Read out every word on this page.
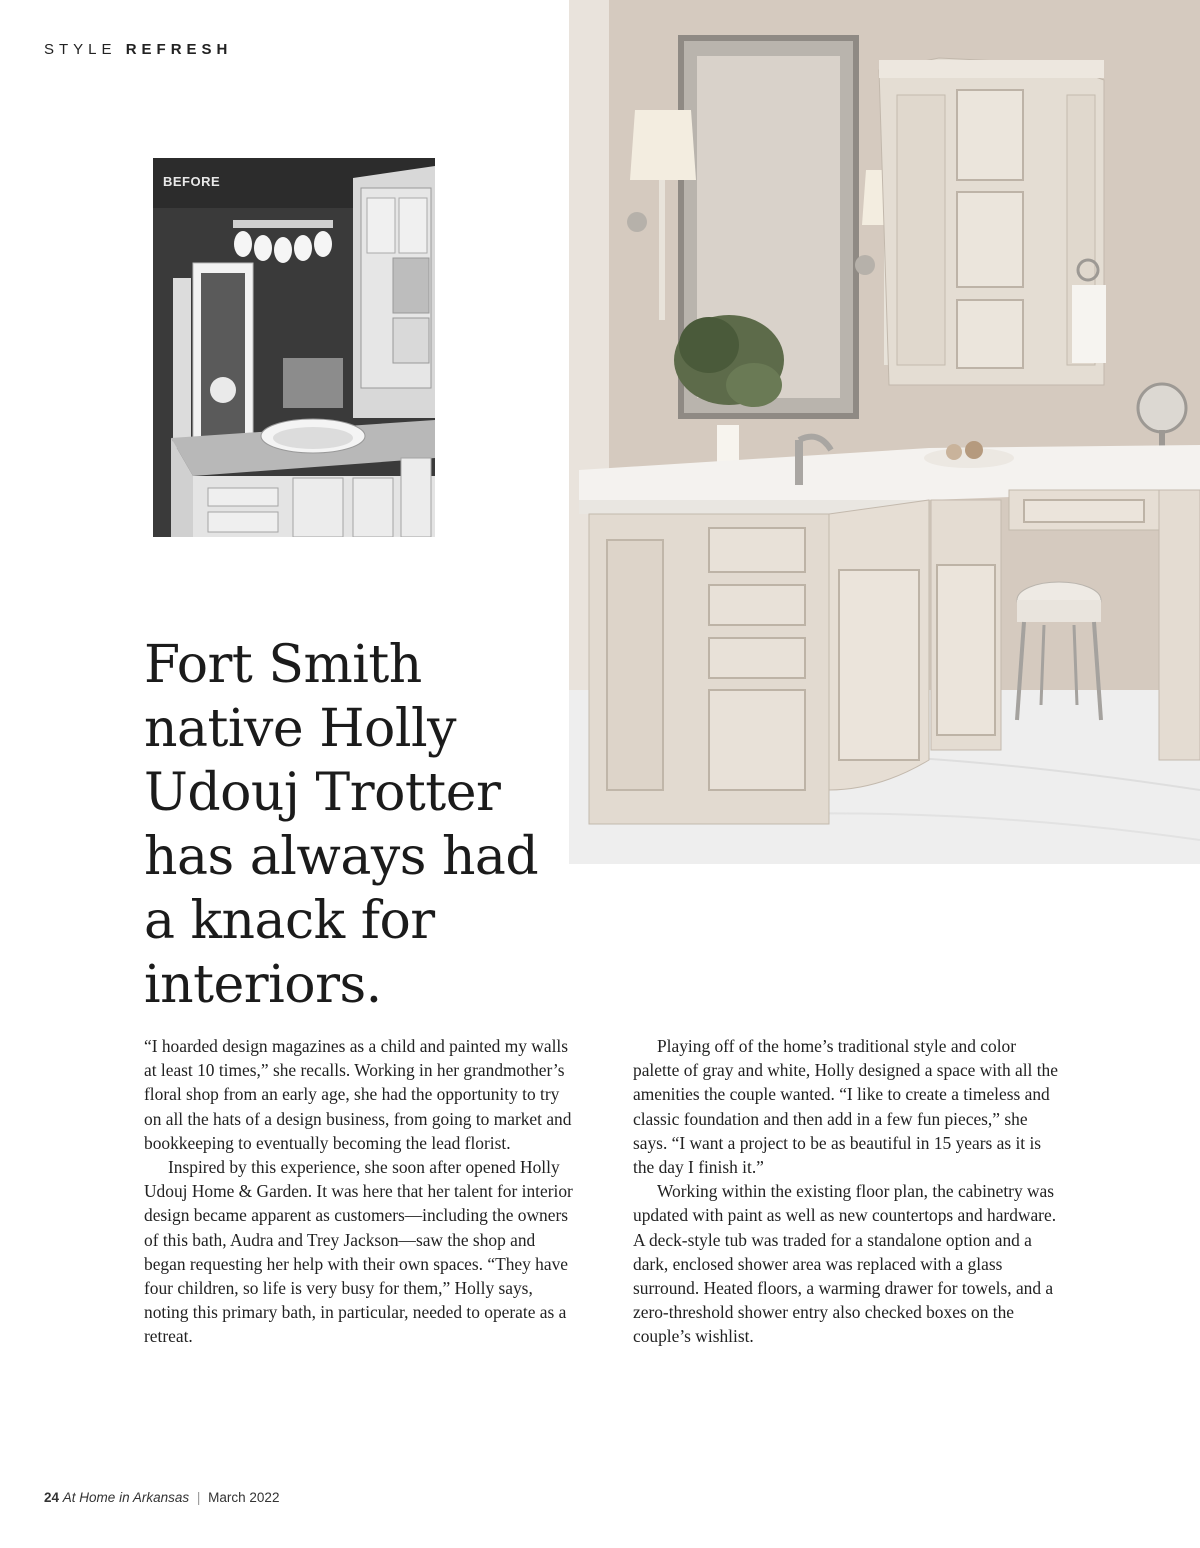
STYLE REFRESH
BEFORE
Fort Smith native Holly Udouj Trotter has always had a knack for interiors.

“I hoarded design magazines as a child and painted my walls at least 10 times,” she recalls. Working in her grandmother’s floral shop from an early age, she had the opportunity to try on all the hats of a design business, from going to market and bookkeeping to eventually becoming the lead florist.

Inspired by this experience, she soon after opened Holly Udouj Home & Garden. It was here that her talent for interior design became apparent as customers—including the owners of this bath, Audra and Trey Jackson—saw the shop and began requesting her help with their own spaces. “They have four children, so life is very busy for them,” Holly says, noting this primary bath, in particular, needed to operate as a retreat.

Playing off of the home’s traditional style and color palette of gray and white, Holly designed a space with all the amenities the couple wanted. “I like to create a timeless and classic foundation and then add in a few fun pieces,” she says. “I want a project to be as beautiful in 15 years as it is the day I finish it.”

Working within the existing floor plan, the cabinetry was updated with paint as well as new countertops and hardware. A deck-style tub was traded for a standalone option and a dark, enclosed shower area was replaced with a glass surround. Heated floors, a warming drawer for towels, and a zero-threshold shower entry also checked boxes on the couple’s wishlist.

24 At Home in Arkansas | March 2022
